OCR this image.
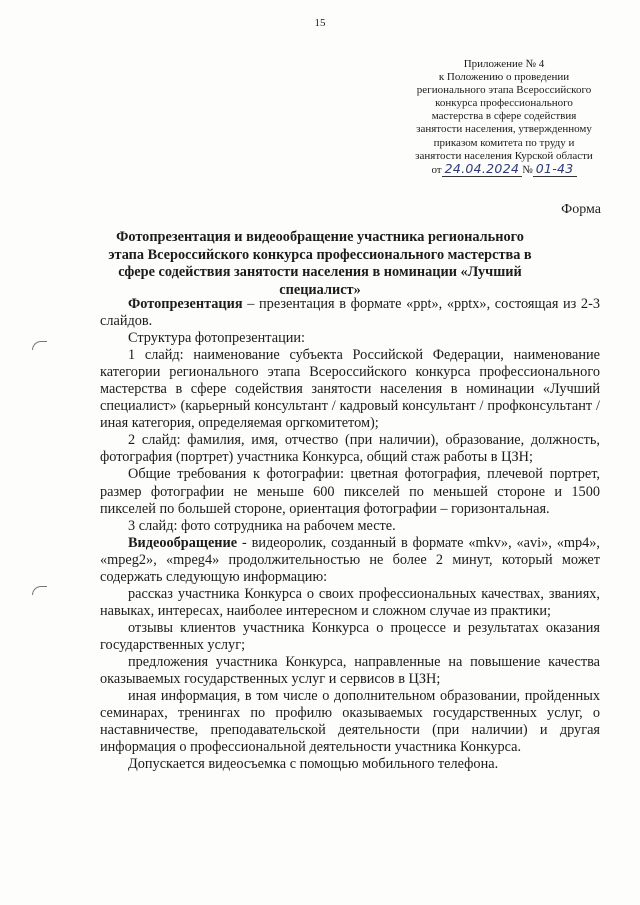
15
Приложение № 4
к Положению о проведении
регионального этапа Всероссийского
конкурса профессионального
мастерства в сфере содействия
занятости населения, утвержденному
приказом комитета по труду и
занятости населения Курской области
от 24.04.2024 № 01-43
Форма
Фотопрезентация и видеообращение участника регионального этапа Всероссийского конкурса профессионального мастерства в сфере содействия занятости населения в номинации «Лучший специалист»

Фотопрезентация – презентация в формате «ppt», «pptx», состоящая из 2-3 слайдов.

Структура фотопрезентации:

1 слайд: наименование субъекта Российской Федерации, наименование категории регионального этапа Всероссийского конкурса профессионального мастерства в сфере содействия занятости населения в номинации «Лучший специалист» (карьерный консультант / кадровый консультант / профконсультант / иная категория, определяемая оргкомитетом);

2 слайд: фамилия, имя, отчество (при наличии), образование, должность, фотография (портрет) участника Конкурса, общий стаж работы в ЦЗН;

Общие требования к фотографии: цветная фотография, плечевой портрет, размер фотографии не меньше 600 пикселей по меньшей стороне и 1500 пикселей по большей стороне, ориентация фотографии – горизонтальная.

3 слайд: фото сотрудника на рабочем месте.

Видеообращение - видеоролик, созданный в формате «mkv», «avi», «mp4», «mpeg2», «mpeg4» продолжительностью не более 2 минут, который может содержать следующую информацию:

рассказ участника Конкурса о своих профессиональных качествах, званиях, навыках, интересах, наиболее интересном и сложном случае из практики;

отзывы клиентов участника Конкурса о процессе и результатах оказания государственных услуг;

предложения участника Конкурса, направленные на повышение качества оказываемых государственных услуг и сервисов в ЦЗН;

иная информация, в том числе о дополнительном образовании, пройденных семинарах, тренингах по профилю оказываемых государственных услуг, о наставничестве, преподавательской деятельности (при наличии) и другая информация о профессиональной деятельности участника Конкурса.

Допускается видеосъемка с помощью мобильного телефона.
